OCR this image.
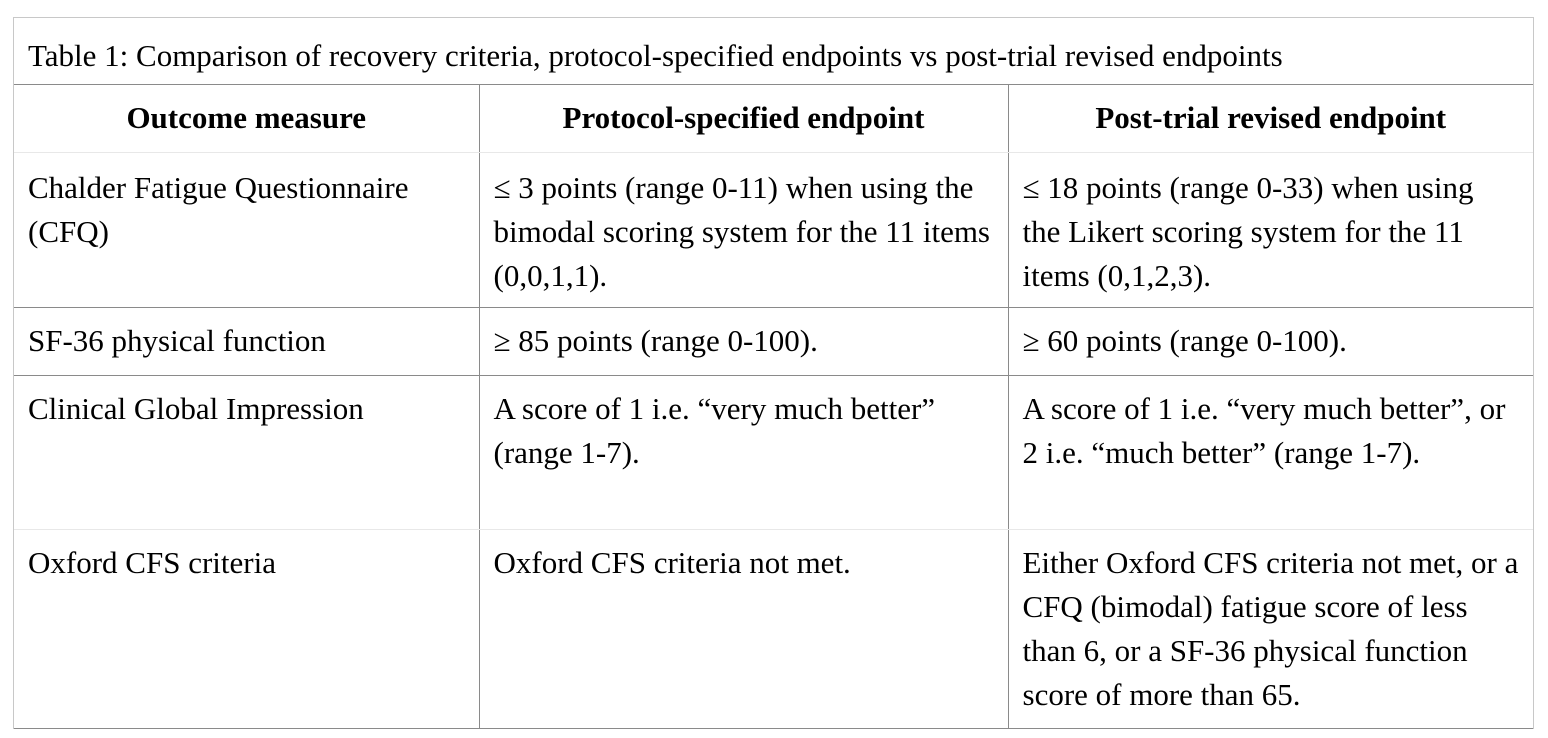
Table 1: Comparison of recovery criteria, protocol-specified endpoints vs post-trial revised endpoints
Outcome measure	Protocol-specified endpoint	Post-trial revised endpoint
Chalder Fatigue Questionnaire (CFQ)	≤ 3 points (range 0-11) when using the bimodal scoring system for the 11 items (0,0,1,1).	≤ 18 points (range 0-33) when using the Likert scoring system for the 11 items (0,1,2,3).
SF-36 physical function	≥ 85 points (range 0-100).	≥ 60 points (range 0-100).
Clinical Global Impression	A score of 1 i.e. “very much better” (range 1-7).	A score of 1 i.e. “very much better”, or 2 i.e. “much better” (range 1-7).
Oxford CFS criteria	Oxford CFS criteria not met.	Either Oxford CFS criteria not met, or a CFQ (bimodal) fatigue score of less than 6, or a SF-36 physical function score of more than 65.
